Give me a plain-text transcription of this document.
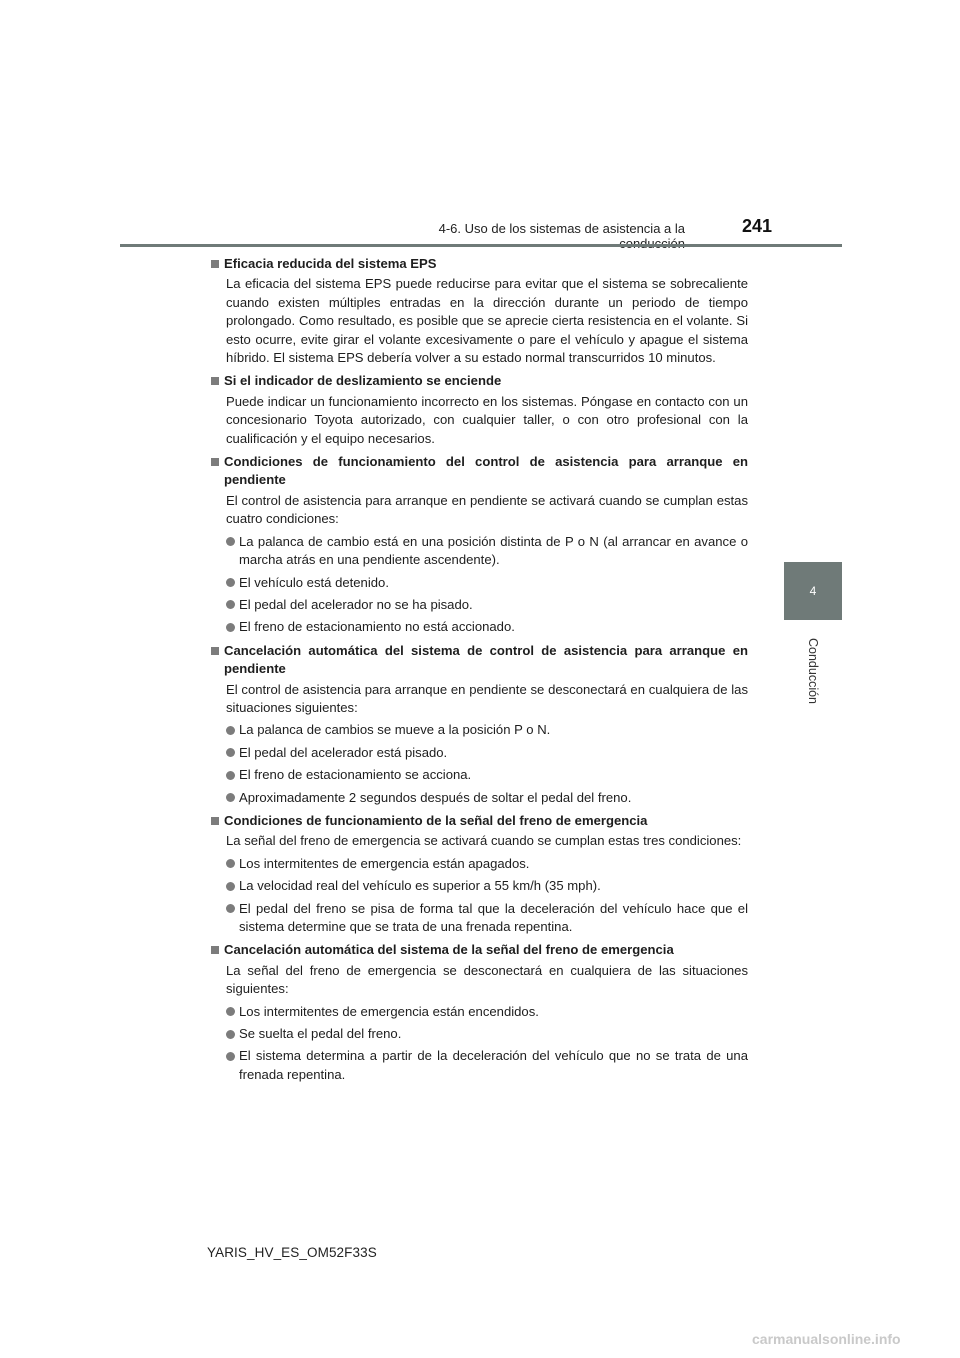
4-6. Uso de los sistemas de asistencia a la	241
4
Conducción
Eficacia reducida del sistema EPS
La eficacia del sistema EPS puede reducirse para evitar que el sistema se sobrecaliente cuando existen múltiples entradas en la dirección durante un periodo de tiempo prolongado. Como resultado, es posible que se aprecie cierta resistencia en el volante. Si esto ocurre, evite girar el volante excesivamente o pare el vehículo y apague el sistema híbrido. El sistema EPS debería volver a su estado normal transcurridos 10 minutos.
Si el indicador de deslizamiento se enciende
Puede indicar un funcionamiento incorrecto en los sistemas. Póngase en contacto con un concesionario Toyota autorizado, con cualquier taller, o con otro profesional con la cualificación y el equipo necesarios.
Condiciones de funcionamiento del control de asistencia para arranque en pendiente
El control de asistencia para arranque en pendiente se activará cuando se cumplan estas cuatro condiciones:
La palanca de cambio está en una posición distinta de P o N (al arrancar en avance o marcha atrás en una pendiente ascendente).
El vehículo está detenido.
El pedal del acelerador no se ha pisado.
El freno de estacionamiento no está accionado.
Cancelación automática del sistema de control de asistencia para arranque en pendiente
El control de asistencia para arranque en pendiente se desconectará en cualquiera de las situaciones siguientes:
La palanca de cambios se mueve a la posición P o N.
El pedal del acelerador está pisado.
El freno de estacionamiento se acciona.
Aproximadamente 2 segundos después de soltar el pedal del freno.
Condiciones de funcionamiento de la señal del freno de emergencia
La señal del freno de emergencia se activará cuando se cumplan estas tres condiciones:
Los intermitentes de emergencia están apagados.
La velocidad real del vehículo es superior a 55 km/h (35 mph).
El pedal del freno se pisa de forma tal que la deceleración del vehículo hace que el sistema determine que se trata de una frenada repentina.
Cancelación automática del sistema de la señal del freno de emergencia
La señal del freno de emergencia se desconectará en cualquiera de las situaciones siguientes:
Los intermitentes de emergencia están encendidos.
Se suelta el pedal del freno.
El sistema determina a partir de la deceleración del vehículo que no se trata de una frenada repentina.
YARIS_HV_ES_OM52F33S
carmanualsonline.info
